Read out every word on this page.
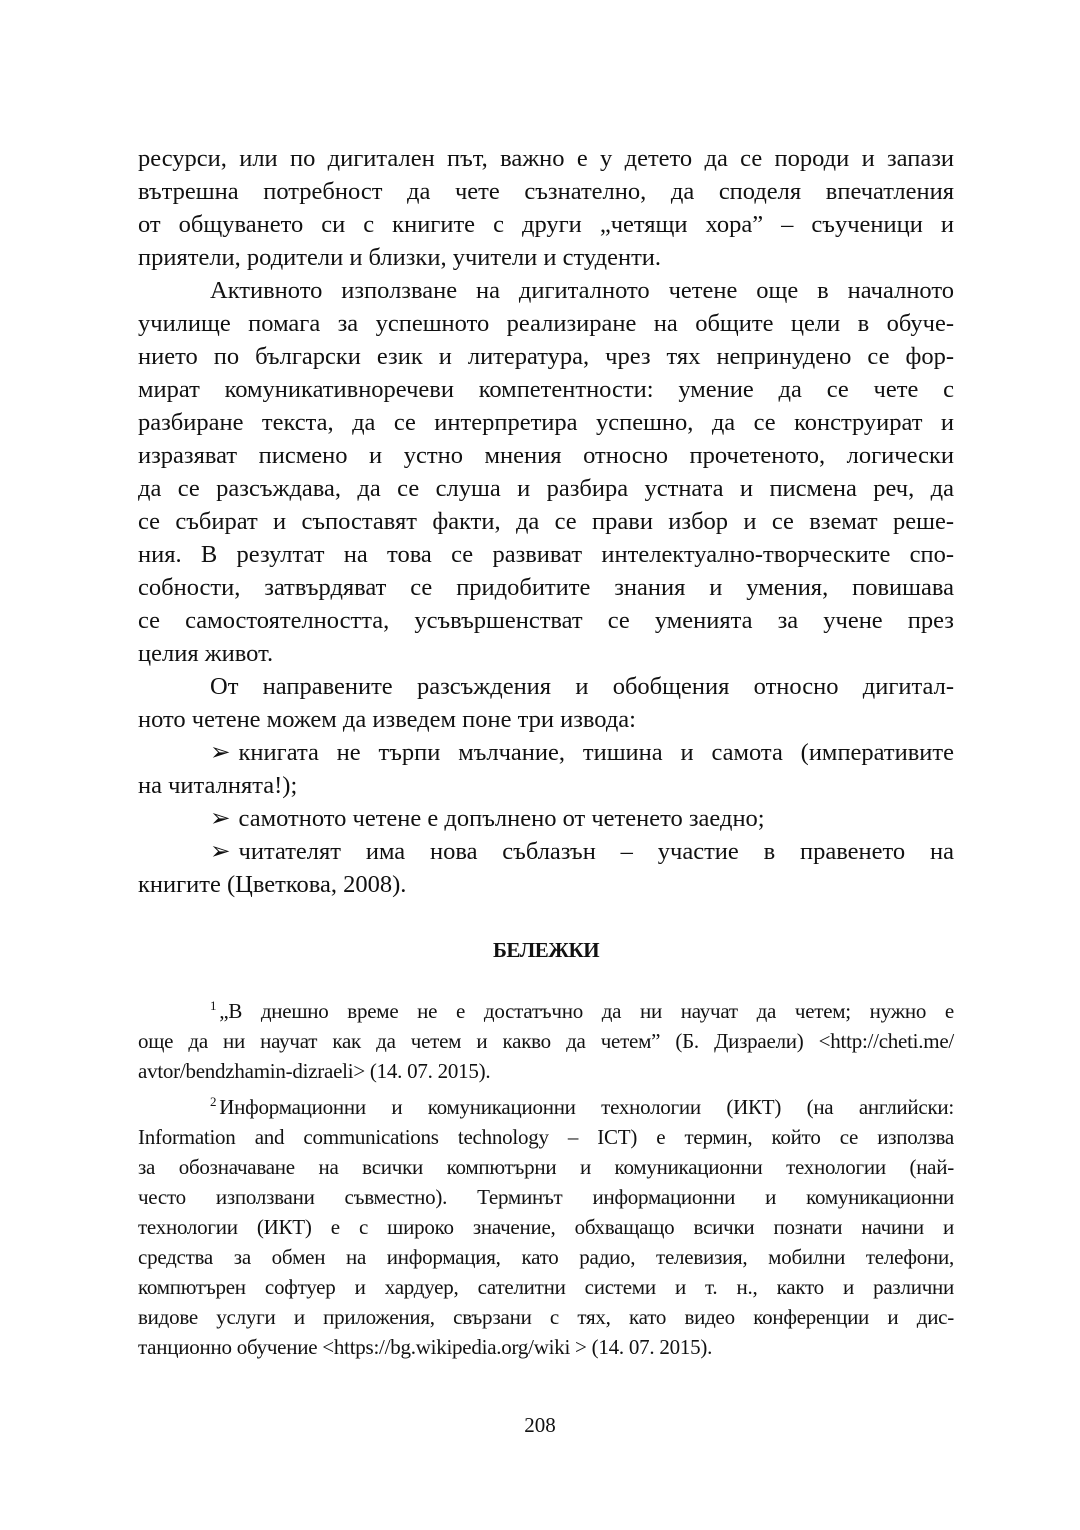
ресурси, или по дигитален път, важно е у детето да се породи и запази
вътрешна потребност да чете съзнателно, да споделя впечатления
от общуването си с книгите с други „четящи хора” – съученици и
приятели, родители и близки, учители и студенти.
Активното използване на дигиталното четене още в началното
училище помага за успешното реализиране на общите цели в обуче-
нието по български език и литература, чрез тях непринудено се фор-
мират комуникативноречеви компетентности: умение да се чете с
разбиране текста, да се интерпретира успешно, да се конструират и
изразяват писмено и устно мнения относно прочетеното, логически
да се разсъждава, да се слуша и разбира устната и писмена реч, да
се събират и съпоставят факти, да се прави избор и се вземат реше-
ния. В резултат на това се развиват интелектуално-творческите спо-
собности, затвърдяват се придобитите знания и умения, повишава
се самостоятелността, усъвършенстват се уменията за учене през
целия живот.
От направените разсъждения и обобщения относно дигитал-
ното четене можем да изведем поне три извода:
➢ книгата не търпи мълчание, тишина и самота (императивите
на читалнята!);
➢ самотното четене е допълнено от четенето заедно;
➢ читателят има нова съблазън – участие в правенето на
книгите (Цветкова, 2008).
БЕЛЕЖКИ
$^1$ „В днешно време не е достатъчно да ни научат да четем; нужно е
още да ни научат как да четем и какво да четем” (Б. Дизраели) <http://cheti.me/
avtor/bendzhamin-dizraeli> (14. 07. 2015).
$^2$ Информационни и комуникационни технологии (ИКТ) (на английски:
Information and communications technology – ICT) е термин, който се използва
за обозначаване на всички компютърни и комуникационни технологии (най-
често използвани съвместно). Терминът информационни и комуникационни
технологии (ИКТ) е с широко значение, обхващащо всички познати начини и
средства за обмен на информация, като радио, телевизия, мобилни телефони,
компютърен софтуер и хардуер, сателитни системи и т. н., както и различни
видове услуги и приложения, свързани с тях, като видео конференции и дис-
танционно обучение <https://bg.wikipedia.org/wiki > (14. 07. 2015).
208
